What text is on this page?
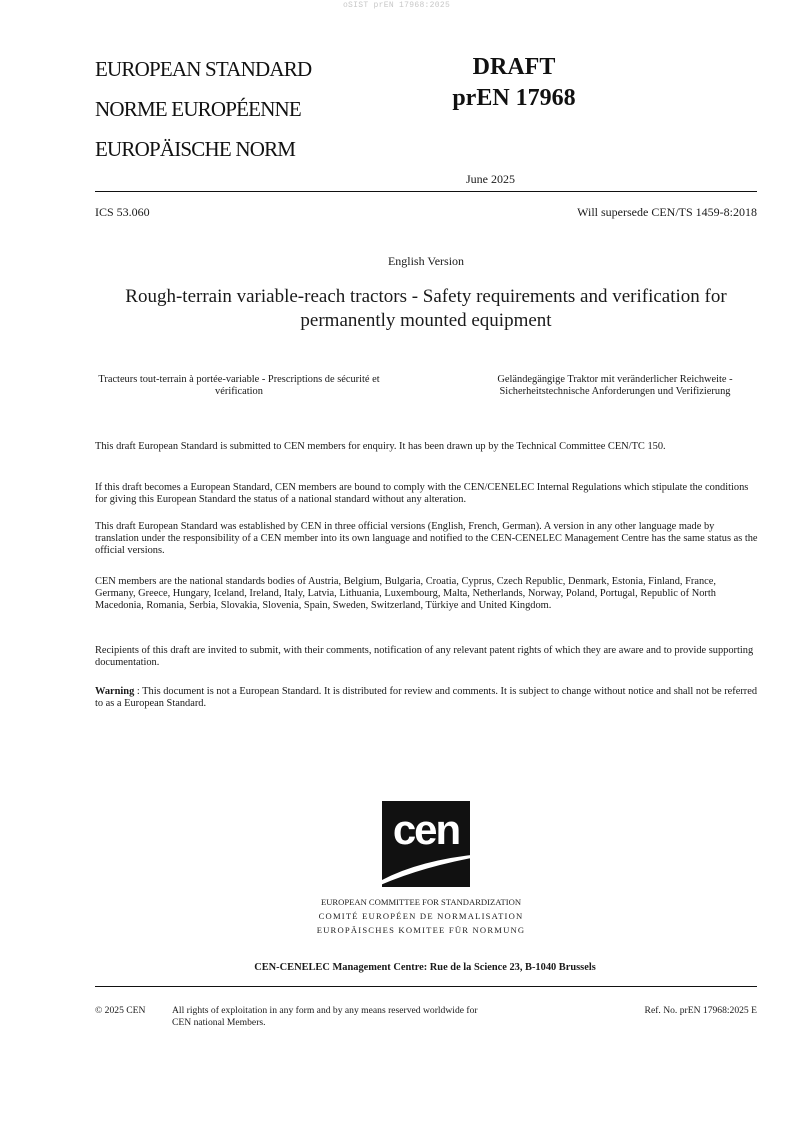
oSIST prEN 17968:2025
EUROPEAN STANDARD
NORME EUROPÉENNE
EUROPÄISCHE NORM
DRAFT
prEN 17968
June 2025
ICS 53.060	Will supersede CEN/TS 1459-8:2018
English Version
Rough-terrain variable-reach tractors - Safety requirements and verification for permanently mounted equipment
Tracteurs tout-terrain à portée-variable - Prescriptions de sécurité et vérification
Geländegängige Traktor mit veränderlicher Reichweite - Sicherheitstechnische Anforderungen und Verifizierung
This draft European Standard is submitted to CEN members for enquiry. It has been drawn up by the Technical Committee CEN/TC 150.
If this draft becomes a European Standard, CEN members are bound to comply with the CEN/CENELEC Internal Regulations which stipulate the conditions for giving this European Standard the status of a national standard without any alteration.
This draft European Standard was established by CEN in three official versions (English, French, German). A version in any other language made by translation under the responsibility of a CEN member into its own language and notified to the CEN-CENELEC Management Centre has the same status as the official versions.
CEN members are the national standards bodies of Austria, Belgium, Bulgaria, Croatia, Cyprus, Czech Republic, Denmark, Estonia, Finland, France, Germany, Greece, Hungary, Iceland, Ireland, Italy, Latvia, Lithuania, Luxembourg, Malta, Netherlands, Norway, Poland, Portugal, Republic of North Macedonia, Romania, Serbia, Slovakia, Slovenia, Spain, Sweden, Switzerland, Türkiye and United Kingdom.
Recipients of this draft are invited to submit, with their comments, notification of any relevant patent rights of which they are aware and to provide supporting documentation.
Warning : This document is not a European Standard. It is distributed for review and comments. It is subject to change without notice and shall not be referred to as a European Standard.
cen
EUROPEAN COMMITTEE FOR STANDARDIZATION
COMITÉ EUROPÉEN DE NORMALISATION
EUROPÄISCHES KOMITEE FÜR NORMUNG
CEN-CENELEC Management Centre: Rue de la Science 23, B-1040 Brussels
© 2025 CEN	All rights of exploitation in any form and by any means reserved worldwide for CEN national Members.
Ref. No. prEN 17968:2025 E
